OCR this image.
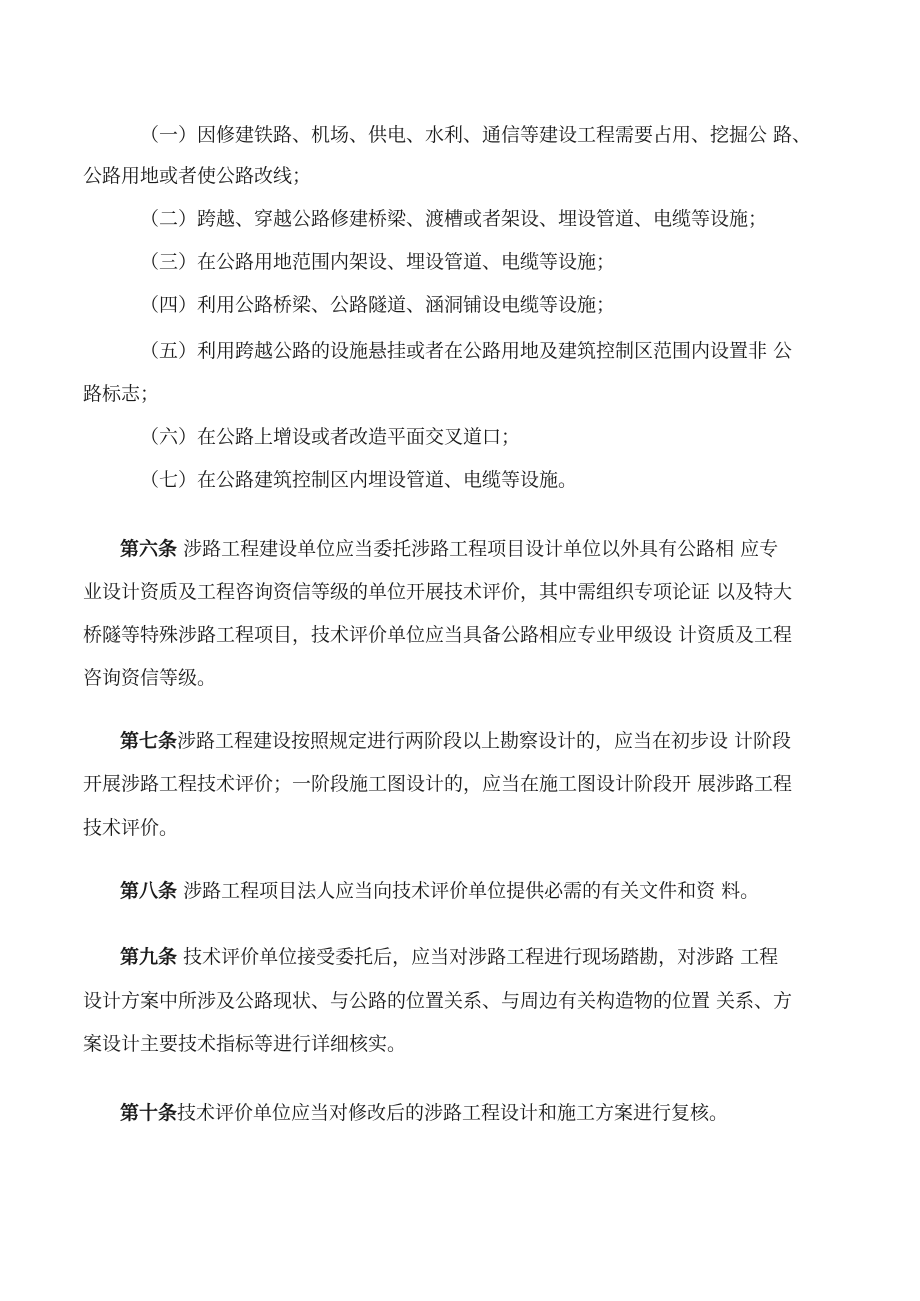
（一）因修建铁路、机场、供电、水利、通信等建设工程需要占用、挖掘公 路、
公路用地或者使公路改线；
（二）跨越、穿越公路修建桥梁、渡槽或者架设、埋设管道、电缆等设施；
（三）在公路用地范围内架设、埋设管道、电缆等设施；
（四）利用公路桥梁、公路隧道、涵洞铺设电缆等设施；
（五）利用跨越公路的设施悬挂或者在公路用地及建筑控制区范围内设置非 公
路标志；
（六）在公路上增设或者改造平面交叉道口；
（七）在公路建筑控制区内埋设管道、电缆等设施。
第六条 涉路工程建设单位应当委托涉路工程项目设计单位以外具有公路相 应专
业设计资质及工程咨询资信等级的单位开展技术评价，其中需组织专项论证 以及特大
桥隧等特殊涉路工程项目，技术评价单位应当具备公路相应专业甲级设 计资质及工程
咨询资信等级。
第七条涉路工程建设按照规定进行两阶段以上勘察设计的，应当在初步设 计阶段
开展涉路工程技术评价；一阶段施工图设计的，应当在施工图设计阶段开 展涉路工程
技术评价。
第八条 涉路工程项目法人应当向技术评价单位提供必需的有关文件和资 料。
第九条 技术评价单位接受委托后，应当对涉路工程进行现场踏勘，对涉路 工程
设计方案中所涉及公路现状、与公路的位置关系、与周边有关构造物的位置 关系、方
案设计主要技术指标等进行详细核实。
第十条技术评价单位应当对修改后的涉路工程设计和施工方案进行复核。
